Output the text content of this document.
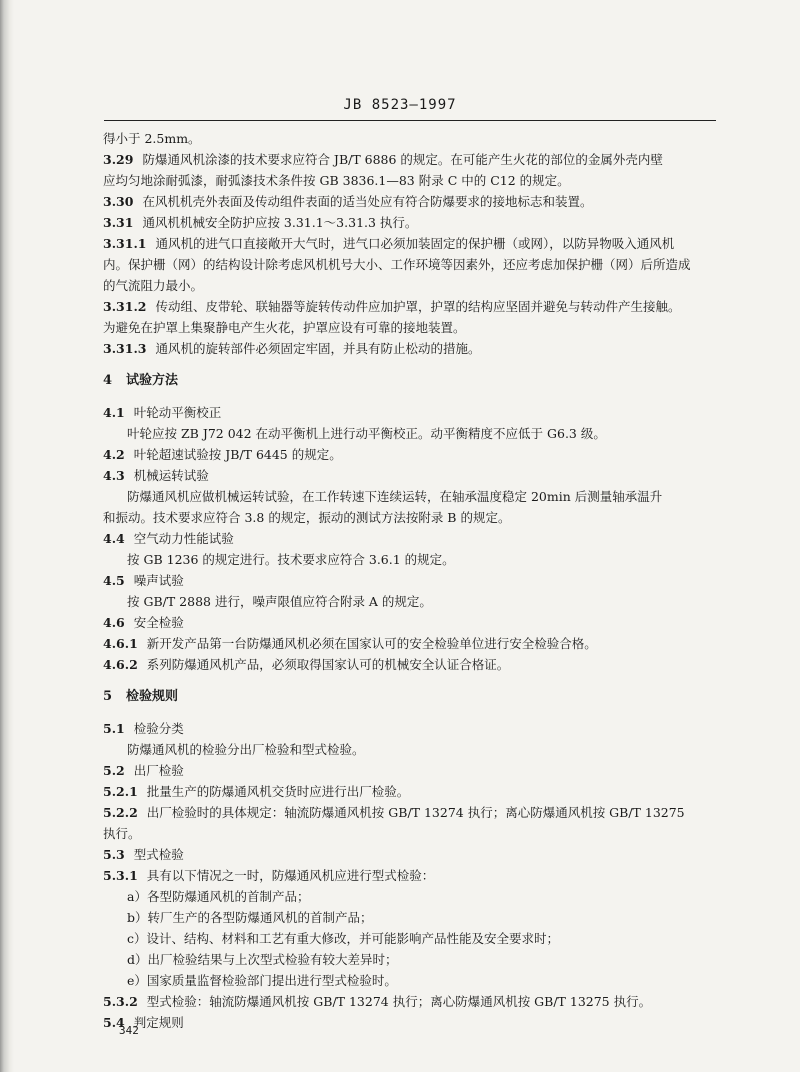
JB 8523—1997
得小于 2.5mm。
3.29 防爆通风机涂漆的技术要求应符合 JB/T 6886 的规定。在可能产生火花的部位的金属外壳内壁
应均匀地涂耐弧漆，耐弧漆技术条件按 GB 3836.1—83 附录 C 中的 C12 的规定。
3.30 在风机机壳外表面及传动组件表面的适当处应有符合防爆要求的接地标志和装置。
3.31 通风机机械安全防护应按 3.31.1～3.31.3 执行。
3.31.1 通风机的进气口直接敞开大气时，进气口必须加装固定的保护栅（或网），以防异物吸入通风机
内。保护栅（网）的结构设计除考虑风机机号大小、工作环境等因素外，还应考虑加保护栅（网）后所造成
的气流阻力最小。
3.31.2 传动组、皮带轮、联轴器等旋转传动件应加护罩，护罩的结构应坚固并避免与转动件产生接触。
为避免在护罩上集聚静电产生火花，护罩应设有可靠的接地装置。
3.31.3 通风机的旋转部件必须固定牢固，并具有防止松动的措施。
4 试验方法
4.1 叶轮动平衡校正
叶轮应按 ZB J72 042 在动平衡机上进行动平衡校正。动平衡精度不应低于 G6.3 级。
4.2 叶轮超速试验按 JB/T 6445 的规定。
4.3 机械运转试验
防爆通风机应做机械运转试验，在工作转速下连续运转，在轴承温度稳定 20min 后测量轴承温升
和振动。技术要求应符合 3.8 的规定，振动的测试方法按附录 B 的规定。
4.4 空气动力性能试验
按 GB 1236 的规定进行。技术要求应符合 3.6.1 的规定。
4.5 噪声试验
按 GB/T 2888 进行，噪声限值应符合附录 A 的规定。
4.6 安全检验
4.6.1 新开发产品第一台防爆通风机必须在国家认可的安全检验单位进行安全检验合格。
4.6.2 系列防爆通风机产品，必须取得国家认可的机械安全认证合格证。
5 检验规则
5.1 检验分类
防爆通风机的检验分出厂检验和型式检验。
5.2 出厂检验
5.2.1 批量生产的防爆通风机交货时应进行出厂检验。
5.2.2 出厂检验时的具体规定：轴流防爆通风机按 GB/T 13274 执行；离心防爆通风机按 GB/T 13275
执行。
5.3 型式检验
5.3.1 具有以下情况之一时，防爆通风机应进行型式检验：
a）各型防爆通风机的首制产品；
b）转厂生产的各型防爆通风机的首制产品；
c）设计、结构、材料和工艺有重大修改，并可能影响产品性能及安全要求时；
d）出厂检验结果与上次型式检验有较大差异时；
e）国家质量监督检验部门提出进行型式检验时。
5.3.2 型式检验：轴流防爆通风机按 GB/T 13274 执行；离心防爆通风机按 GB/T 13275 执行。
5.4 判定规则
342
